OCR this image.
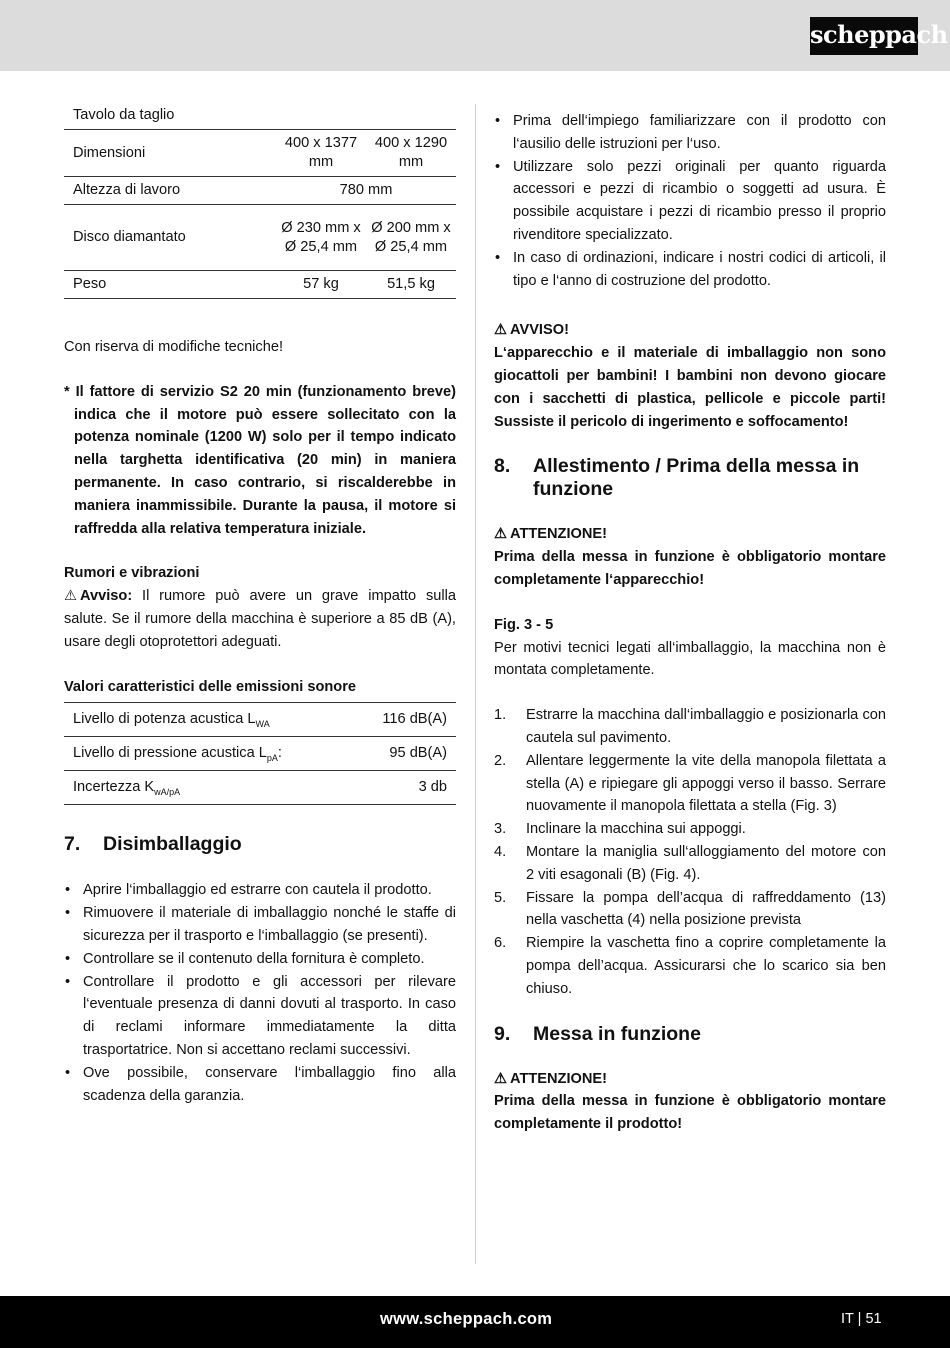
scheppach
Tavolo da taglio		
Dimensioni	400 x 1377 mm	400 x 1290 mm
Altezza di lavoro	780 mm	
Disco diamantato	Ø 230 mm x Ø 25,4 mm	Ø 200 mm x Ø 25,4 mm
Peso	57 kg	51,5 kg

Con riserva di modifiche tecniche!

* Il fattore di servizio S2 20 min (funzionamento breve) indica che il motore può essere sollecitato con la potenza nominale (1200 W) solo per il tempo indicato nella targhetta identificativa (20 min) in maniera permanente. In caso contrario, si riscalderebbe in maniera inammissibile. Durante la pausa, il motore si raffredda alla relativa temperatura iniziale.

Rumori e vibrazioni

⚠ Avviso: Il rumore può avere un grave impatto sulla salute. Se il rumore della macchina è superiore a 85 dB (A), usare degli otoprotettori adeguati.

Valori caratteristici delle emissioni sonore

Livello di potenza acustica $L_{WA}$	116 dB(A)
Livello di pressione acustica $L_{pA}$:	95 dB(A)
Incertezza $K_{wA/pA}$	3 db
7.	Disimballaggio
• Aprire l‘imballaggio ed estrarre con cautela il prodotto.
• Rimuovere il materiale di imballaggio nonché le staffe di sicurezza per il trasporto e l‘imballaggio (se presenti).
• Controllare se il contenuto della fornitura è completo.
• Controllare il prodotto e gli accessori per rilevare l‘eventuale presenza di danni dovuti al trasporto. In caso di reclami informare immediatamente la ditta trasportatrice. Non si accettano reclami successivi.
• Ove possibile, conservare l‘imballaggio fino alla scadenza della garanzia.
• Prima dell‘impiego familiarizzare con il prodotto con l‘ausilio delle istruzioni per l‘uso.
• Utilizzare solo pezzi originali per quanto riguarda accessori e pezzi di ricambio o soggetti ad usura. È possibile acquistare i pezzi di ricambio presso il proprio rivenditore specializzato.
• In caso di ordinazioni, indicare i nostri codici di articoli, il tipo e l‘anno di costruzione del prodotto.

⚠ AVVISO!

L‘apparecchio e il materiale di imballaggio non sono giocattoli per bambini! I bambini non devono giocare con i sacchetti di plastica, pellicole e piccole parti! Sussiste il pericolo di ingerimento e soffocamento!

8.	Allestimento / Prima della messa in funzione

⚠ ATTENZIONE!

Prima della messa in funzione è obbligatorio montare completamente l‘apparecchio!

Fig. 3 - 5

Per motivi tecnici legati all‘imballaggio, la macchina non è montata completamente.

1. Estrarre la macchina dall‘imballaggio e posizionarla con cautela sul pavimento.
2. Allentare leggermente la vite della manopola filettata a stella (A) e ripiegare gli appoggi verso il basso. Serrare nuovamente il manopola filettata a stella (Fig. 3)
3. Inclinare la macchina sui appoggi.
4. Montare la maniglia sull‘alloggiamento del motore con 2 viti esagonali (B) (Fig. 4).
5. Fissare la pompa dell’acqua di raffreddamento (13) nella vaschetta (4) nella posizione prevista
6. Riempire la vaschetta fino a coprire completamente la pompa dell’acqua. Assicurarsi che lo scarico sia ben chiuso.
9.	Messa in funzione

⚠ ATTENZIONE!

Prima della messa in funzione è obbligatorio montare completamente il prodotto!

www.scheppach.com	IT | 51
